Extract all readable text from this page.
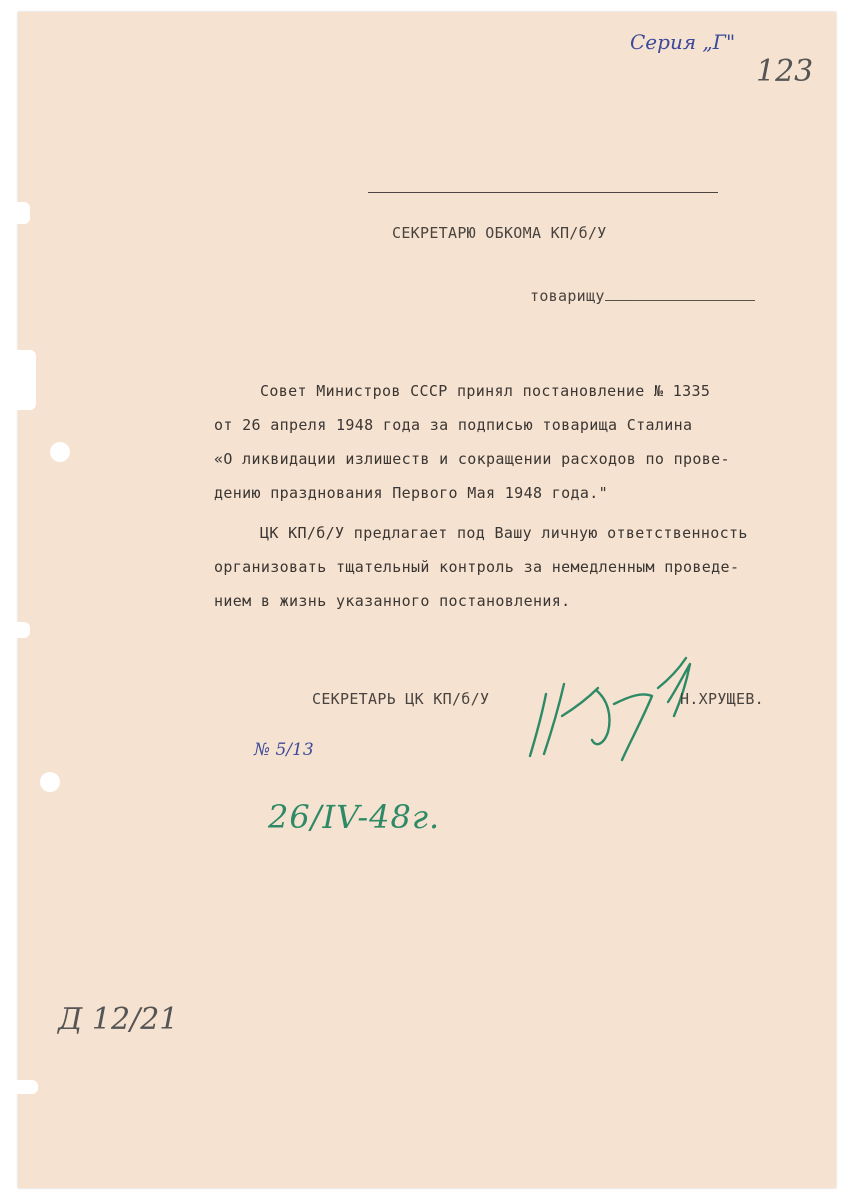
Серия „Г"
123
СЕКРЕТАРЮ ОБКОМА КП/б/У
товарищу
Совет Министров СССР принял постановление № 1335
от 26 апреля 1948 года за подписью товарища Сталина
«О ликвидации излишеств и сокращении расходов по прове-
дению празднования Первого Мая 1948 года."
ЦК КП/б/У предлагает под Вашу личную ответственность
организовать тщательный контроль за немедленным проведе-
нием в жизнь указанного постановления.
СЕКРЕТАРЬ ЦК КП/б/У	Н.ХРУЩЕВ.
№ 5/13
26/IV-48г.
Д 12/21
